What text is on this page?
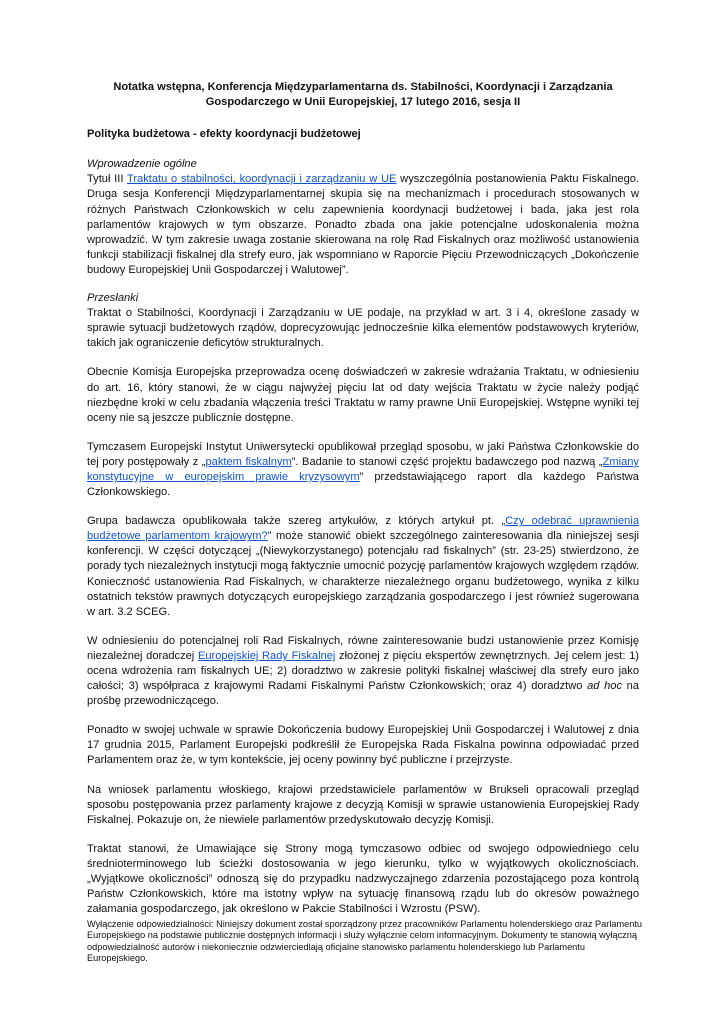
Notatka wstępna, Konferencja Międzyparlamentarna ds. Stabilności, Koordynacji i Zarządzania
Gospodarczego w Unii Europejskiej, 17 lutego 2016, sesja II

Polityka budżetowa - efekty koordynacji budżetowej

Wprowadzenie ogólne

Tytuł III Traktatu o stabilności, koordynacji i zarządzaniu w UE wyszczególnia postanowienia Paktu Fiskalnego. Druga sesja Konferencji Międzyparlamentarnej skupia się na mechanizmach i procedurach stosowanych w różnych Państwach Członkowskich w celu zapewnienia koordynacji budżetowej i bada, jaka jest rola parlamentów krajowych w tym obszarze. Ponadto zbada ona jakie potencjalne udoskonalenia można wprowadzić. W tym zakresie uwaga zostanie skierowana na rolę Rad Fiskalnych oraz możliwość ustanowienia funkcji stabilizacji fiskalnej dla strefy euro, jak wspomniano w Raporcie Pięciu Przewodniczących „Dokończenie budowy Europejskiej Unii Gospodarczej i Walutowej”.

Przesłanki

Traktat o Stabilności, Koordynacji i Zarządzaniu w UE podaje, na przykład w art. 3 i 4, określone zasady w sprawie sytuacji budżetowych rządów, doprecyzowując jednocześnie kilka elementów podstawowych kryteriów, takich jak ograniczenie deficytów strukturalnych.

Obecnie Komisja Europejska przeprowadza ocenę doświadczeń w zakresie wdrażania Traktatu, w odniesieniu do art. 16, który stanowi, że w ciągu najwyżej pięciu lat od daty wejścia Traktatu w życie należy podjąć niezbędne kroki w celu zbadania włączenia treści Traktatu w ramy prawne Unii Europejskiej. Wstępne wyniki tej oceny nie są jeszcze publicznie dostępne.

Tymczasem Europejski Instytut Uniwersytecki opublikował przegląd sposobu, w jaki Państwa Członkowskie do tej pory postępowały z „paktem fiskalnym”. Badanie to stanowi część projektu badawczego pod nazwą „Zmiany konstytucyjne w europejskim prawie kryzysowym” przedstawiającego raport dla każdego Państwa Członkowskiego.

Grupa badawcza opublikowała także szereg artykułów, z których artykuł pt. „Czy odebrać uprawnienia budżetowe parlamentom krajowym?” może stanowić obiekt szczególnego zainteresowania dla niniejszej sesji konferencji. W części dotyczącej „(Niewykorzystanego) potencjału rad fiskalnych” (str. 23-25) stwierdzono, że porady tych niezależnych instytucji mogą faktycznie umocnić pozycję parlamentów krajowych względem rządów. Konieczność ustanowienia Rad Fiskalnych, w charakterze niezależnego organu budżetowego, wynika z kilku ostatnich tekstów prawnych dotyczących europejskiego zarządzania gospodarczego i jest również sugerowana w art. 3.2 SCEG.

W odniesieniu do potencjalnej roli Rad Fiskalnych, równe zainteresowanie budzi ustanowienie przez Komisję niezależnej doradczej Europejskiej Rady Fiskalnej złożonej z pięciu ekspertów zewnętrznych. Jej celem jest: 1) ocena wdrożenia ram fiskalnych UE; 2) doradztwo w zakresie polityki fiskalnej właściwej dla strefy euro jako całości; 3) współpraca z krajowymi Radami Fiskalnymi Państw Członkowskich; oraz 4) doradztwo ad hoc na prośbę przewodniczącego.

Ponadto w swojej uchwale w sprawie Dokończenia budowy Europejskiej Unii Gospodarczej i Walutowej z dnia 17 grudnia 2015, Parlament Europejski podkreślił że Europejska Rada Fiskalna powinna odpowiadać przed Parlamentem oraz że, w tym kontekście, jej oceny powinny być publiczne i przejrzyste.

Na wniosek parlamentu włoskiego, krajowi przedstawiciele parlamentów w Brukseli opracowali przegląd sposobu postępowania przez parlamenty krajowe z decyzją Komisji w sprawie ustanowienia Europejskiej Rady Fiskalnej. Pokazuje on, że niewiele parlamentów przedyskutowało decyzję Komisji.

Traktat stanowi, że Umawiające się Strony mogą tymczasowo odbiec od swojego odpowiedniego celu średnioterminowego lub ścieżki dostosowania w jego kierunku, tylko w wyjątkowych okolicznościach. „Wyjątkowe okoliczności” odnoszą się do przypadku nadzwyczajnego zdarzenia pozostającego poza kontrolą Państw Członkowskich, które ma istotny wpływ na sytuację finansową rządu lub do okresów poważnego załamania gospodarczego, jak określono w Pakcie Stabilności i Wzrostu (PSW).

Wyłączenie odpowiedzialności: Niniejszy dokument został sporządzony przez pracowników Parlamentu holenderskiego oraz Parlamentu Europejskiego na podstawie publicznie dostępnych informacji i służy wyłącznie celom informacyjnym. Dokumenty te stanowią wyłączną odpowiedzialność autorów i niekoniecznie odzwierciedlają oficjalne stanowisko parlamentu holenderskiego lub Parlamentu Europejskiego.
